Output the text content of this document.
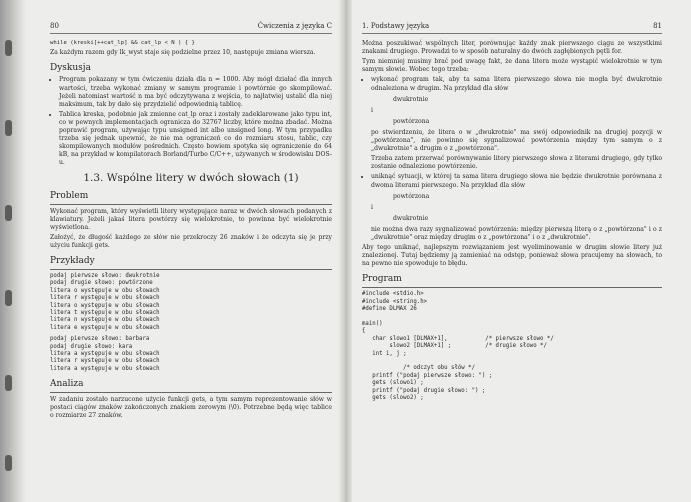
80	Ćwiczenia z języka C

while (kreski[++cat_lp] && cat_lp < N ) { }

Za każdym razem gdy lk_wyst staje się podzielne przez 10, następuje zmiana wiersza.

Dyskusja
• Program pokazany w tym ćwiczeniu działa dla n = 1000. Aby mógł działać dla innych wartości, trzeba wykonać zmiany w samym programie i powtórnie go skompilować. Jeżeli natomiast wartość n ma być odczytywana z wejścia, to najłatwiej ustalić dla niej maksimum, tak by dało się przydzielić odpowiednią tablicę.
• Tablica kreska, podobnie jak zmienne cat_lp oraz i zostały zadeklarowane jako typu int, co w pewnych implementacjach ogranicza do 32767 liczby, które można zbadać. Można poprawić program, używając typu unsigned int albo unsigned long. W tym przypadku trzeba się jednak upewnić, że nie ma ograniczeń co do rozmiaru stosu, tablic, czy skompilowanych modułów pośrednich. Często bowiem spotyka się ograniczenie do 64 kB, na przykład w kompilatorach Borland/Turbo C/C++, używanych w środowisku DOS-u.
1.3. Wspólne litery w dwóch słowach (1)
Problem

Wykonać program, który wyświetli litery występujące naraz w dwóch słowach podanych z klawiatury. Jeżeli jakaś litera powtórzy się wielokrotnie, to powinna być wielokrotnie wyświetlona.

Założyć, że długość każdego ze słów nie przekroczy 26 znaków i że odczyta się je przy użyciu funkcji gets.

Przykłady
podaj pierwsze słowo: dwukrotnie
podaj drugie słowo: powtórzone
litera o występuje w obu słowach
litera r występuje w obu słowach
litera o występuje w obu słowach
litera t występuje w obu słowach
litera n występuje w obu słowach
litera e występuje w obu słowach
podaj pierwsze słowo: barbara
podaj drugie słowo: kara
litera a występuje w obu słowach
litera r występuje w obu słowach
litera a występuje w obu słowach
Analiza

W zadaniu zostało narzucone użycie funkcji gets, a tym samym reprezentowanie słów w postaci ciągów znaków zakończonych znakiem zerowym (\0). Potrzebne będą więc tablice o rozmiarze 27 znaków.

1. Podstawy języka	81

Można poszukiwać wspólnych liter, porównując każdy znak pierwszego ciągu ze wszystkimi znakami drugiego. Prowadzi to w sposób naturalny do dwóch zagłębionych pętli for.

Tym niemniej musimy brać pod uwagę fakt, że dana litera może wystąpić wielokrotnie w tym samym słowie. Wobec tego trzeba:

• wykonać program tak, aby ta sama litera pierwszego słowa nie mogła być dwukrotnie odnaleziona w drugim. Na przykład dla słów
dwukrotnie
i
powtórzona

po stwierdzeniu, że litera o w „dwukrotnie" ma swój odpowiednik na drugiej pozycji w „powtórzona", nie powinno się sygnalizować powtórzenia między tym samym o z „dwukrotnie" a drugim o z „powtórzona".

Trzeba zatem przerwać porównywanie litery pierwszego słowa z literami drugiego, gdy tylko zostanie odnalezione powtórzenie.

• uniknąć sytuacji, w której ta sama litera drugiego słowa nie będzie dwukrotnie porównana z dwoma literami pierwszego. Na przykład dla słów
powtórzona
i
dwukrotnie

nie można dwa razy sygnalizować powtórzenia: między pierwszą literą o z „powtórzona" i o z „dwukrotnie" oraz między drugim o z „powtórzona" i o z „dwukrotnie".

Aby tego uniknąć, najlepszym rozwiązaniem jest wyeliminowanie w drugim słowie litery już znalezionej. Tutaj będziemy ją zamieniać na odstęp, ponieważ słowa pracujemy na słowach, to na pewno nie spowoduje to błędu.

Program
#include <stdio.h>
#include <string.h>
#define DLMAX 26

main()
{
char slowo1 [DLMAX+1],           /* pierwsze słowo */
slowo2 [DLMAX+1] ;          /* drugie słowo */
int i, j ;

/* odczyt obu słów */
printf ("podaj pierwsze słowo: ") ;
gets (slowo1) ;
printf ("podaj drugie słowo: ") ;
gets (slowo2) ;
